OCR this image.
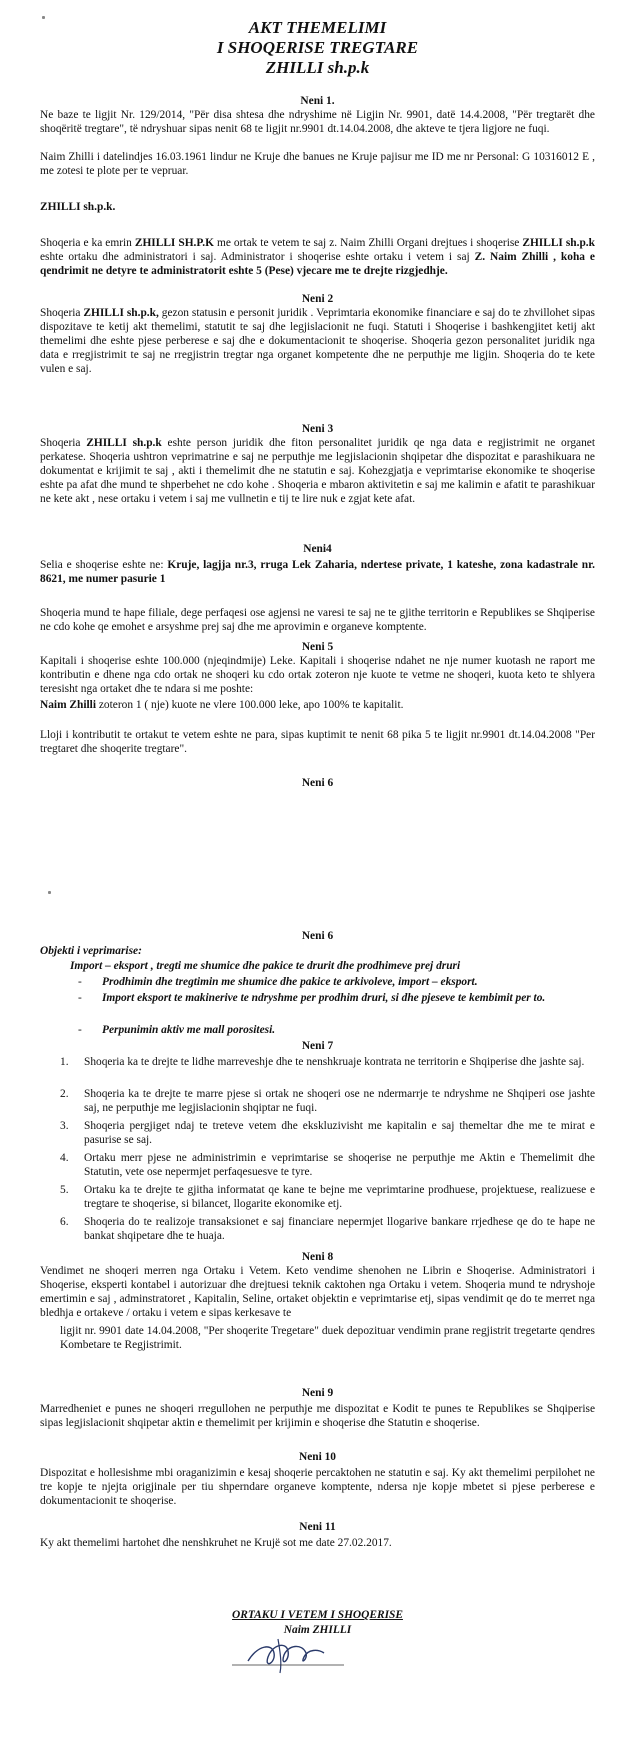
AKT THEMELIMI
I SHOQERISE TREGTARE
ZHILLI sh.p.k
Neni 1.

Ne baze te ligjit Nr. 129/2014, "Për disa shtesa dhe ndryshime në Ligjin Nr. 9901, datë 14.4.2008, "Për tregtarët dhe shoqëritë tregtare", të ndryshuar sipas nenit 68 te ligjit nr.9901 dt.14.04.2008, dhe akteve te tjera ligjore ne fuqi.

Naim Zhilli i datelindjes 16.03.1961 lindur ne Kruje dhe banues ne Kruje pajisur me ID me nr Personal: G 10316012 E , me zotesi te plote per te vepruar.

ZHILLI sh.p.k.

Shoqeria e ka emrin ZHILLI SH.P.K me ortak te vetem te saj z. Naim Zhilli Organi drejtues i shoqerise ZHILLI sh.p.k eshte ortaku dhe administratori i saj. Administrator i shoqerise eshte ortaku i vetem i saj Z. Naim Zhilli , koha e qendrimit ne detyre te administratorit eshte 5 (Pese) vjecare me te drejte rizgjedhje.

Neni 2

Shoqeria ZHILLI sh.p.k, gezon statusin e personit juridik . Veprimtaria ekonomike financiare e saj do te zhvillohet sipas dispozitave te ketij akt themelimi, statutit te saj dhe legjislacionit ne fuqi. Statuti i Shoqerise i bashkengjitet ketij akt themelimi dhe eshte pjese perberese e saj dhe e dokumentacionit te shoqerise. Shoqeria gezon personalitet juridik nga data e rregjistrimit te saj ne rregjistrin tregtar nga organet kompetente dhe ne perputhje me ligjin. Shoqeria do te kete vulen e saj.

Neni 3

Shoqeria ZHILLI sh.p.k eshte person juridik dhe fiton personalitet juridik qe nga data e regjistrimit ne organet perkatese. Shoqeria ushtron veprimatrine e saj ne perputhje me legjislacionin shqipetar dhe dispozitat e parashikuara ne dokumentat e krijimit te saj , akti i themelimit dhe ne statutin e saj. Kohezgjatja e veprimtarise ekonomike te shoqerise eshte pa afat dhe mund te shperbehet ne cdo kohe . Shoqeria e mbaron aktivitetin e saj me kalimin e afatit te parashikuar ne kete akt , nese ortaku i vetem i saj me vullnetin e tij te lire nuk e zgjat kete afat.

Neni4

Selia e shoqerise eshte ne: Kruje, lagjja nr.3, rruga Lek Zaharia, ndertese private, 1 kateshe, zona kadastrale nr. 8621, me numer pasurie 1

Shoqeria mund te hape filiale, dege perfaqesi ose agjensi ne varesi te saj ne te gjithe territorin e Republikes se Shqiperise ne cdo kohe qe emohet e arsyshme prej saj dhe me aprovimin e organeve komptente.

Neni 5

Kapitali i shoqerise eshte 100.000 (njeqindmije) Leke. Kapitali i shoqerise ndahet ne nje numer kuotash ne raport me kontributin e dhene nga cdo ortak ne shoqeri ku cdo ortak zoteron nje kuote te vetme ne shoqeri, kuota keto te shlyera teresisht nga ortaket dhe te ndara si me poshte:

Naim Zhilli zoteron 1 ( nje) kuote ne vlere 100.000 leke, apo 100% te kapitalit.

Lloji i kontributit te ortakut te vetem eshte ne para, sipas kuptimit te nenit 68 pika 5 te ligjit nr.9901 dt.14.04.2008 "Per tregtaret dhe shoqerite tregtare".

Neni 6
Neni 6
Objekti i veprimarise:
Import – eksport , tregti me shumice dhe pakice te drurit dhe prodhimeve prej druri
- Prodhimin dhe tregtimin me shumice dhe pakice te arkivoleve, import – eksport.
- Import eksport te makinerive te ndryshme per prodhim druri, si dhe pjeseve te kembimit per to.
- Perpunimin aktiv me mall porositesi.
Neni 7
1. Shoqeria ka te drejte te lidhe marreveshje dhe te nenshkruaje kontrata ne territorin e Shqiperise dhe jashte saj.
2. Shoqeria ka te drejte te marre pjese si ortak ne shoqeri ose ne ndermarrje te ndryshme ne Shqiperi ose jashte saj, ne perputhje me legjislacionin shqiptar ne fuqi.
3. Shoqeria pergjiget ndaj te treteve vetem dhe ekskluzivisht me kapitalin e saj themeltar dhe me te mirat e pasurise se saj.
4. Ortaku merr pjese ne administrimin e veprimtarise se shoqerise ne perputhje me Aktin e Themelimit dhe Statutin, vete ose nepermjet perfaqesuesve te tyre.
5. Ortaku ka te drejte te gjitha informatat qe kane te bejne me veprimtarine prodhuese, projektuese, realizuese e tregtare te shoqerise, si bilancet, llogarite ekonomike etj.
6. Shoqeria do te realizoje transaksionet e saj financiare nepermjet llogarive bankare rrjedhese qe do te hape ne bankat shqipetare dhe te huaja.
Neni 8

Vendimet ne shoqeri merren nga Ortaku i Vetem. Keto vendime shenohen ne Librin e Shoqerise. Administratori i Shoqerise, eksperti kontabel i autorizuar dhe drejtuesi teknik caktohen nga Ortaku i vetem. Shoqeria mund te ndryshoje emertimin e saj , adminstratoret , Kapitalin, Seline, ortaket objektin e veprimtarise etj, sipas vendimit qe do te merret nga bledhja e ortakeve / ortaku i vetem e sipas kerkesave te

ligjit nr. 9901 date 14.04.2008, "Per shoqerite Tregetare" duek depozituar vendimin prane regjistrit tregetarte qendres Kombetare te Regjistrimit.

Neni 9

Marredheniet e punes ne shoqeri rregullohen ne perputhje me dispozitat e Kodit te punes te Republikes se Shqiperise sipas legjislacionit shqipetar aktin e themelimit per krijimin e shoqerise dhe Statutin e shoqerise.

Neni 10

Dispozitat e hollesishme mbi oraganizimin e kesaj shoqerie percaktohen ne statutin e saj. Ky akt themelimi perpilohet ne tre kopje te njejta origjinale per tiu shperndare organeve komptente, ndersa nje kopje mbetet si pjese perberese e dokumentacionit te shoqerise.

Neni 11

Ky akt themelimi hartohet dhe nenshkruhet ne Krujë sot me date 27.02.2017.

ORTAKU I VETEM I SHOQERISE
Naim ZHILLI
